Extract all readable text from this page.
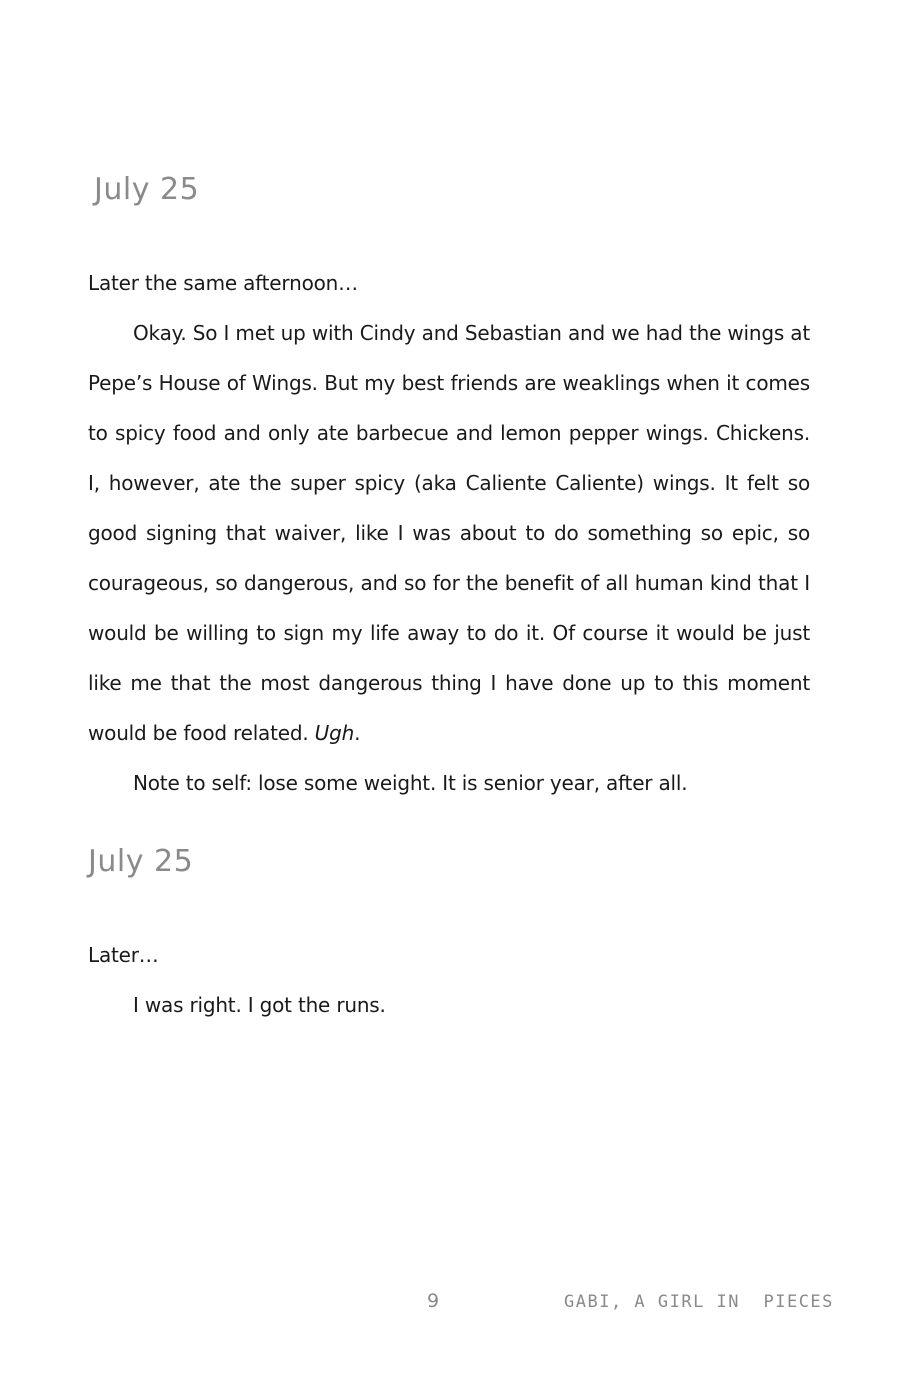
July 25

Later the same afternoon…

Okay. So I met up with Cindy and Sebastian and we had the wings at Pepe’s House of Wings. But my best friends are weaklings when it comes to spicy food and only ate barbecue and lemon pepper wings. Chickens. I, however, ate the super spicy (aka Caliente Caliente) wings. It felt so good signing that waiver, like I was about to do something so epic, so courageous, so dangerous, and so for the benefit of all human kind that I would be willing to sign my life away to do it. Of course it would be just like me that the most dangerous thing I have done up to this moment would be food related. Ugh.

Note to self: lose some weight. It is senior year, after all.

July 25

Later…

I was right. I got the runs.

9	GABI, A GIRL IN  PIECES
